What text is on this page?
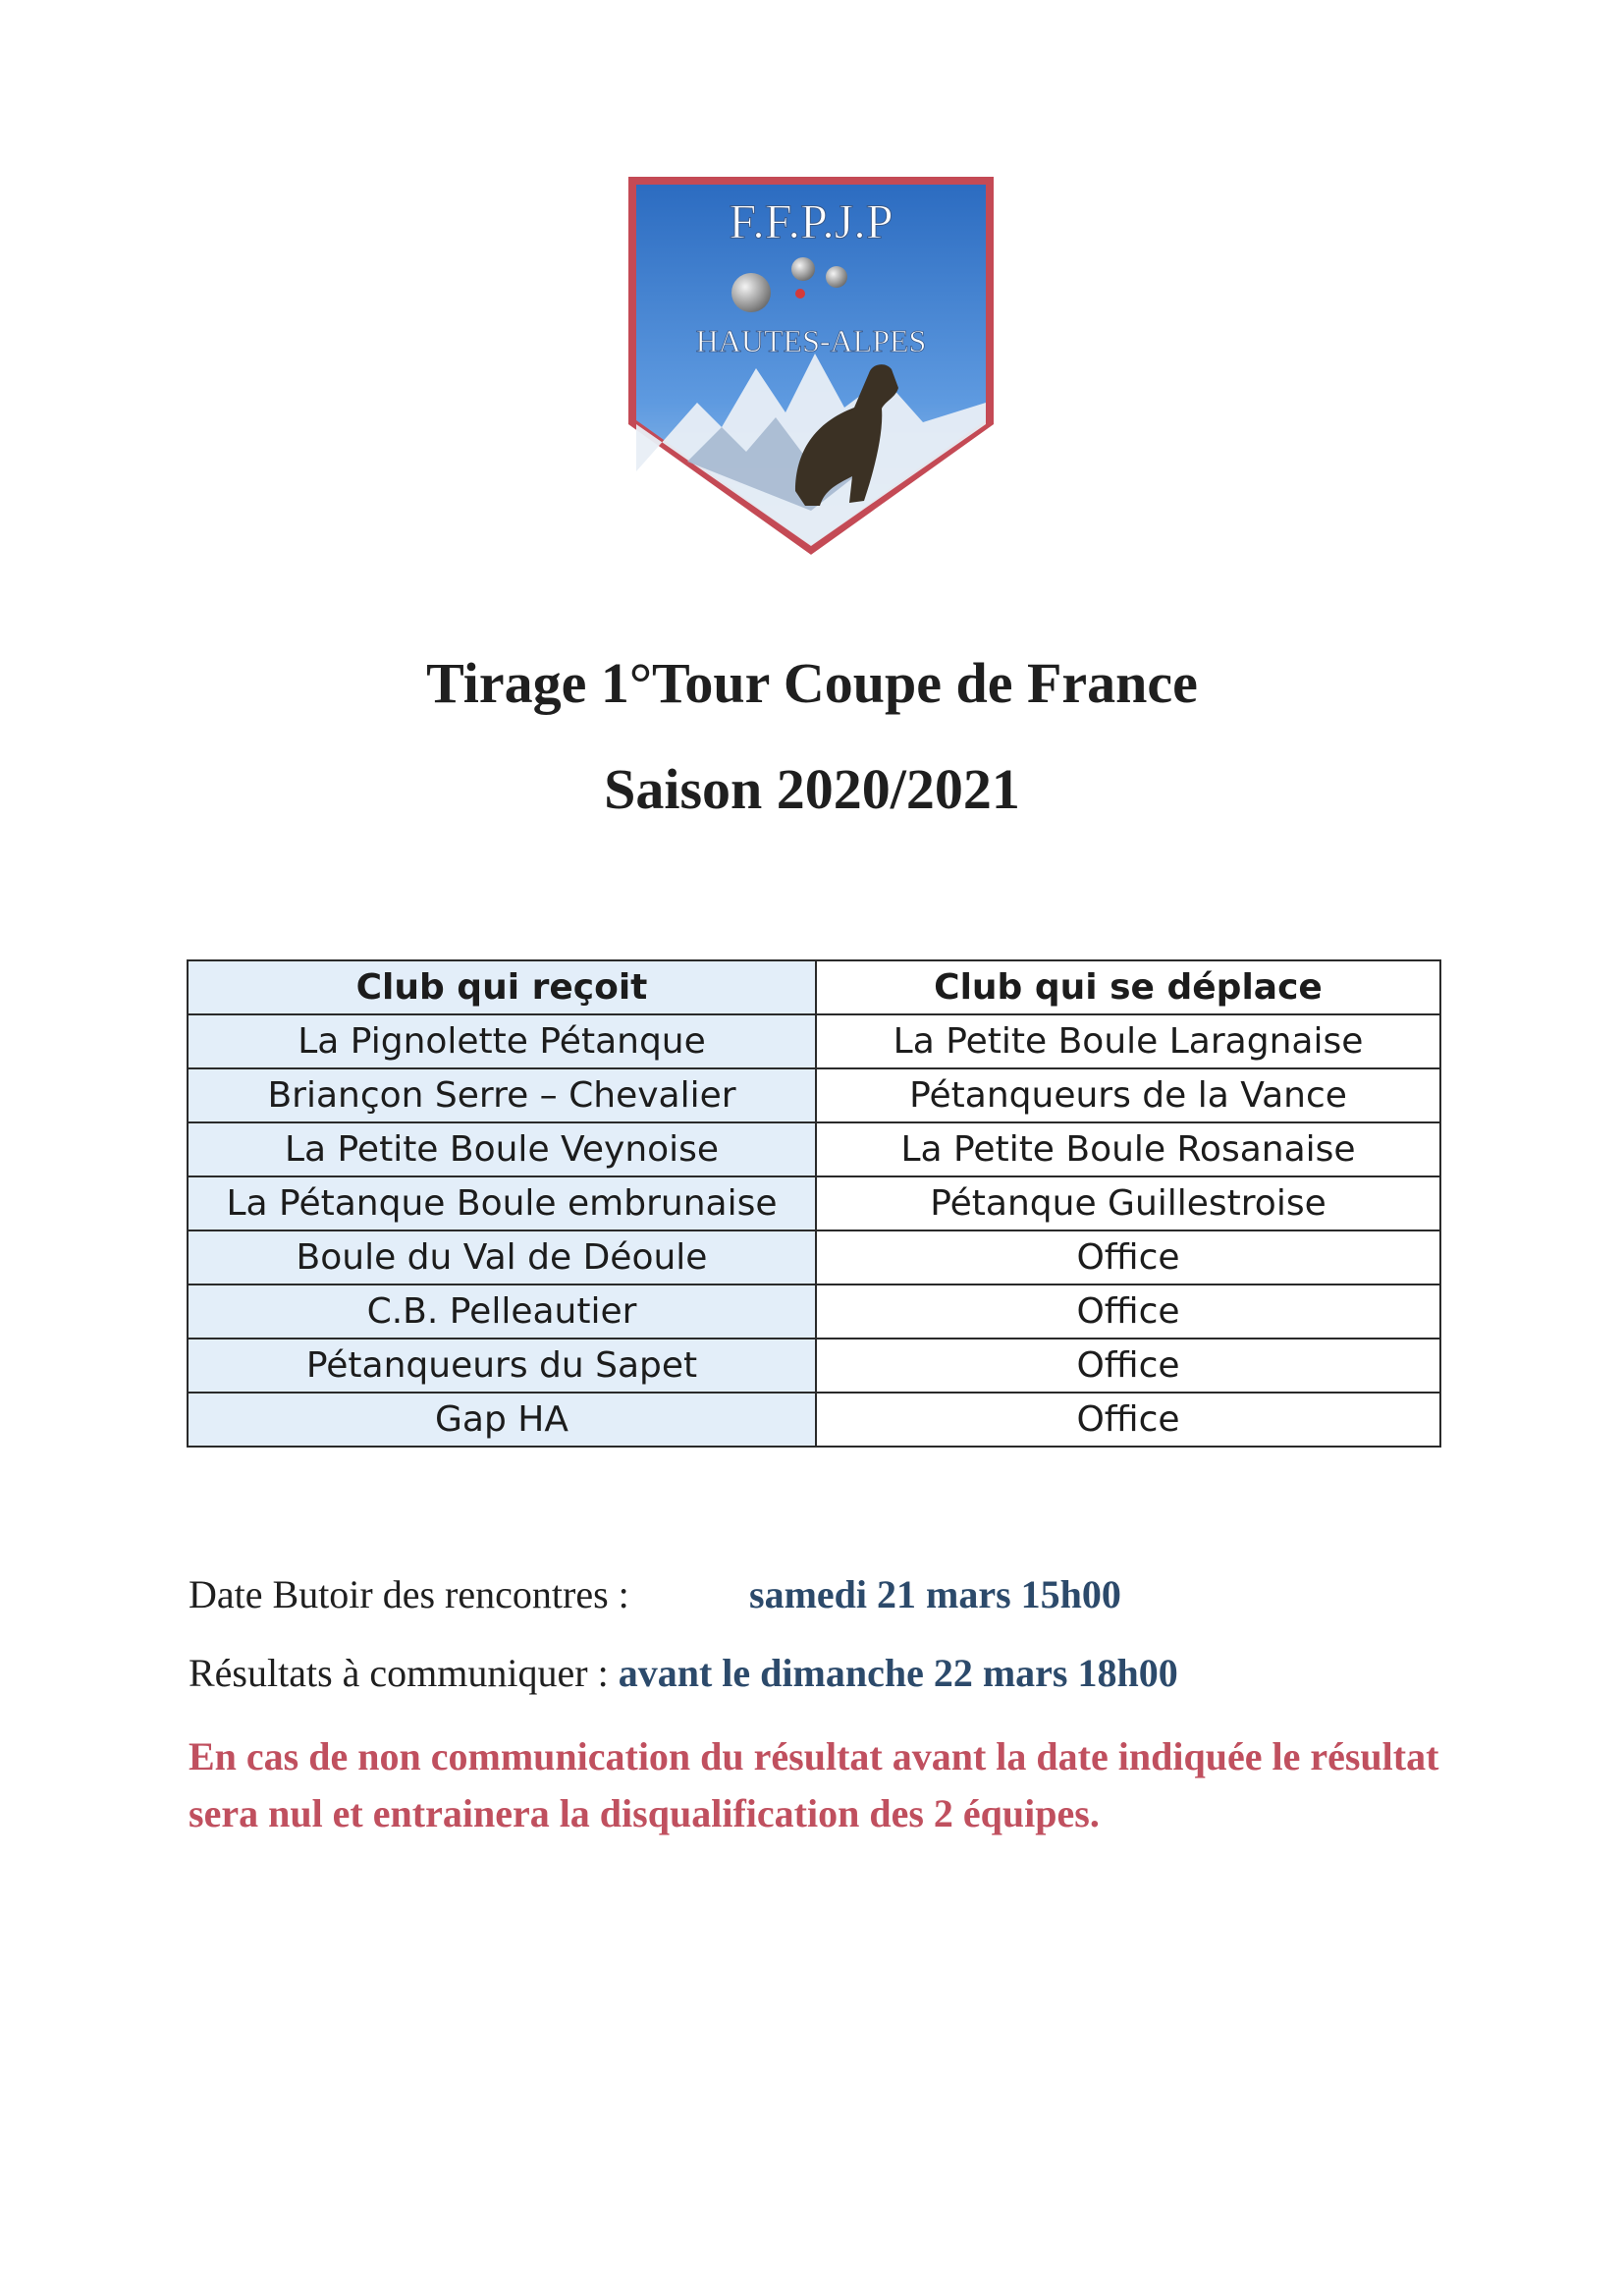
F.F.P.J.P
HAUTES-ALPES
Tirage 1°Tour Coupe de France
Saison 2020/2021
Club qui reçoit	Club qui se déplace
La Pignolette Pétanque	La Petite Boule Laragnaise
Briançon Serre – Chevalier	Pétanqueurs de la Vance
La Petite Boule Veynoise	La Petite Boule Rosanaise
La Pétanque Boule embrunaise	Pétanque Guillestroise
Boule du Val de Déoule	Office
C.B. Pelleautier	Office
Pétanqueurs du Sapet	Office
Gap HA	Office
Date Butoir des rencontres :	samedi 21 mars 15h00
Résultats à communiquer : avant le dimanche 22 mars 18h00
En cas de non communication du résultat avant la date indiquée le résultat sera nul et entrainera la disqualification des 2 équipes.
